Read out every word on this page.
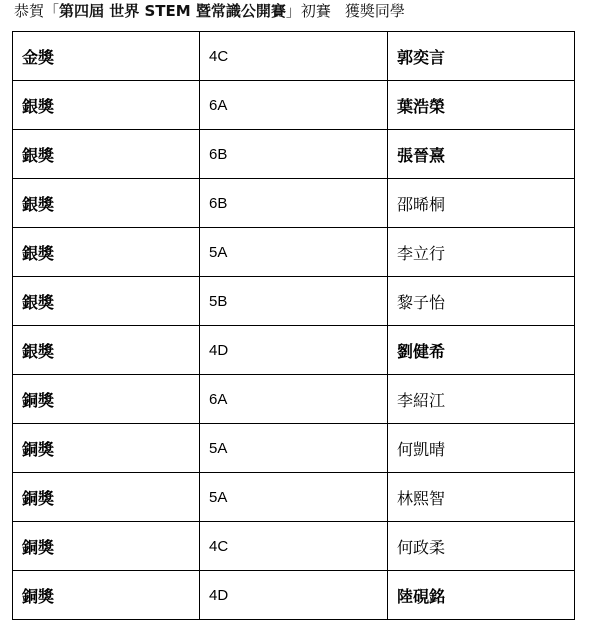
恭賀「第四屆 世界 STEM 暨常識公開賽」初賽 獲獎同學
金獎	4C	郭奕言
銀獎	6A	葉浩榮
銀獎	6B	張晉熹
銀獎	6B	邵晞桐
銀獎	5A	李立行
銀獎	5B	黎子怡
銀獎	4D	劉健希
銅獎	6A	李紹江
銅獎	5A	何凱晴
銅獎	5A	林熙智
銅獎	4C	何政柔
銅獎	4D	陸硯銘
